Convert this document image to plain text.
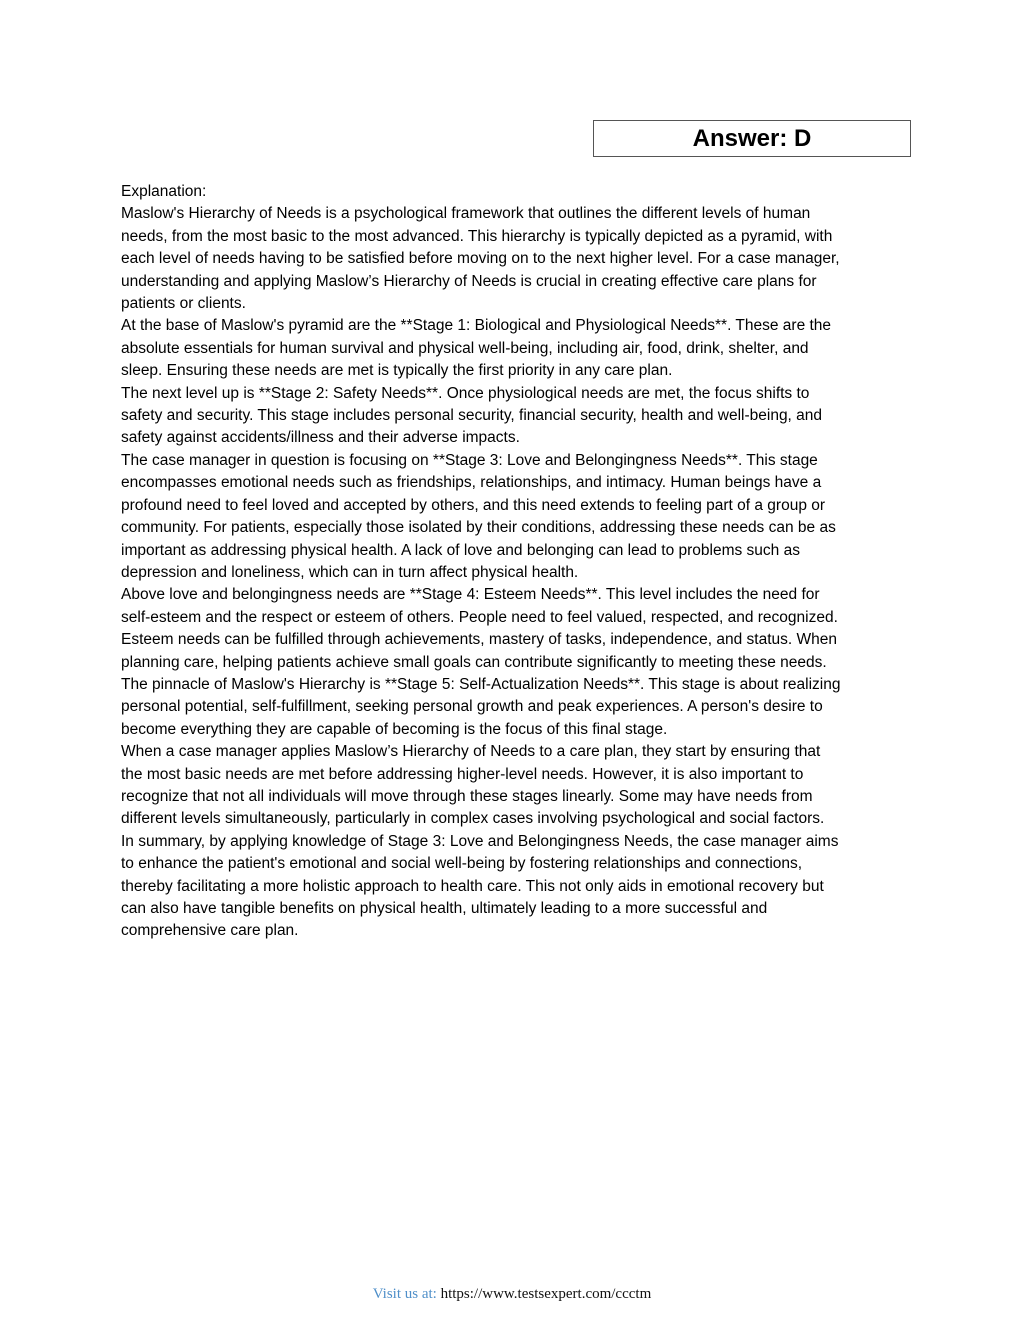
Answer: D
Explanation:
Maslow's Hierarchy of Needs is a psychological framework that outlines the different levels of human
needs, from the most basic to the most advanced. This hierarchy is typically depicted as a pyramid, with
each level of needs having to be satisfied before moving on to the next higher level. For a case manager,
understanding and applying Maslow’s Hierarchy of Needs is crucial in creating effective care plans for
patients or clients.
At the base of Maslow's pyramid are the **Stage 1: Biological and Physiological Needs**. These are the
absolute essentials for human survival and physical well-being, including air, food, drink, shelter, and
sleep. Ensuring these needs are met is typically the first priority in any care plan.
The next level up is **Stage 2: Safety Needs**. Once physiological needs are met, the focus shifts to
safety and security. This stage includes personal security, financial security, health and well-being, and
safety against accidents/illness and their adverse impacts.
The case manager in question is focusing on **Stage 3: Love and Belongingness Needs**. This stage
encompasses emotional needs such as friendships, relationships, and intimacy. Human beings have a
profound need to feel loved and accepted by others, and this need extends to feeling part of a group or
community. For patients, especially those isolated by their conditions, addressing these needs can be as
important as addressing physical health. A lack of love and belonging can lead to problems such as
depression and loneliness, which can in turn affect physical health.
Above love and belongingness needs are **Stage 4: Esteem Needs**. This level includes the need for
self-esteem and the respect or esteem of others. People need to feel valued, respected, and recognized.
Esteem needs can be fulfilled through achievements, mastery of tasks, independence, and status. When
planning care, helping patients achieve small goals can contribute significantly to meeting these needs.
The pinnacle of Maslow's Hierarchy is **Stage 5: Self-Actualization Needs**. This stage is about realizing
personal potential, self-fulfillment, seeking personal growth and peak experiences. A person's desire to
become everything they are capable of becoming is the focus of this final stage.
When a case manager applies Maslow’s Hierarchy of Needs to a care plan, they start by ensuring that
the most basic needs are met before addressing higher-level needs. However, it is also important to
recognize that not all individuals will move through these stages linearly. Some may have needs from
different levels simultaneously, particularly in complex cases involving psychological and social factors.
In summary, by applying knowledge of Stage 3: Love and Belongingness Needs, the case manager aims
to enhance the patient's emotional and social well-being by fostering relationships and connections,
thereby facilitating a more holistic approach to health care. This not only aids in emotional recovery but
can also have tangible benefits on physical health, ultimately leading to a more successful and
comprehensive care plan.
Visit us at: https://www.testsexpert.com/ccctm
